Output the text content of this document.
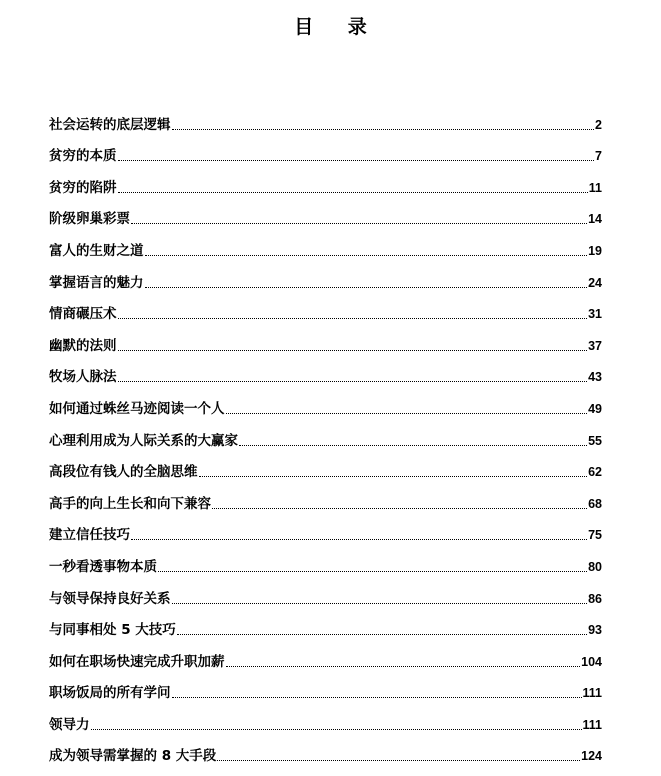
目 录
社会运转的底层逻辑	2
贫穷的本质	7
贫穷的陷阱	11
阶级卵巢彩票	14
富人的生财之道	19
掌握语言的魅力	24
情商碾压术	31
幽默的法则	37
牧场人脉法	43
如何通过蛛丝马迹阅读一个人	49
心理利用成为人际关系的大赢家	55
高段位有钱人的全脑思维	62
高手的向上生长和向下兼容	68
建立信任技巧	75
一秒看透事物本质	80
与领导保持良好关系	86
与同事相处 5 大技巧	93
如何在职场快速完成升职加薪	104
职场饭局的所有学问	111
领导力	111
成为领导需掌握的 8 大手段	124
